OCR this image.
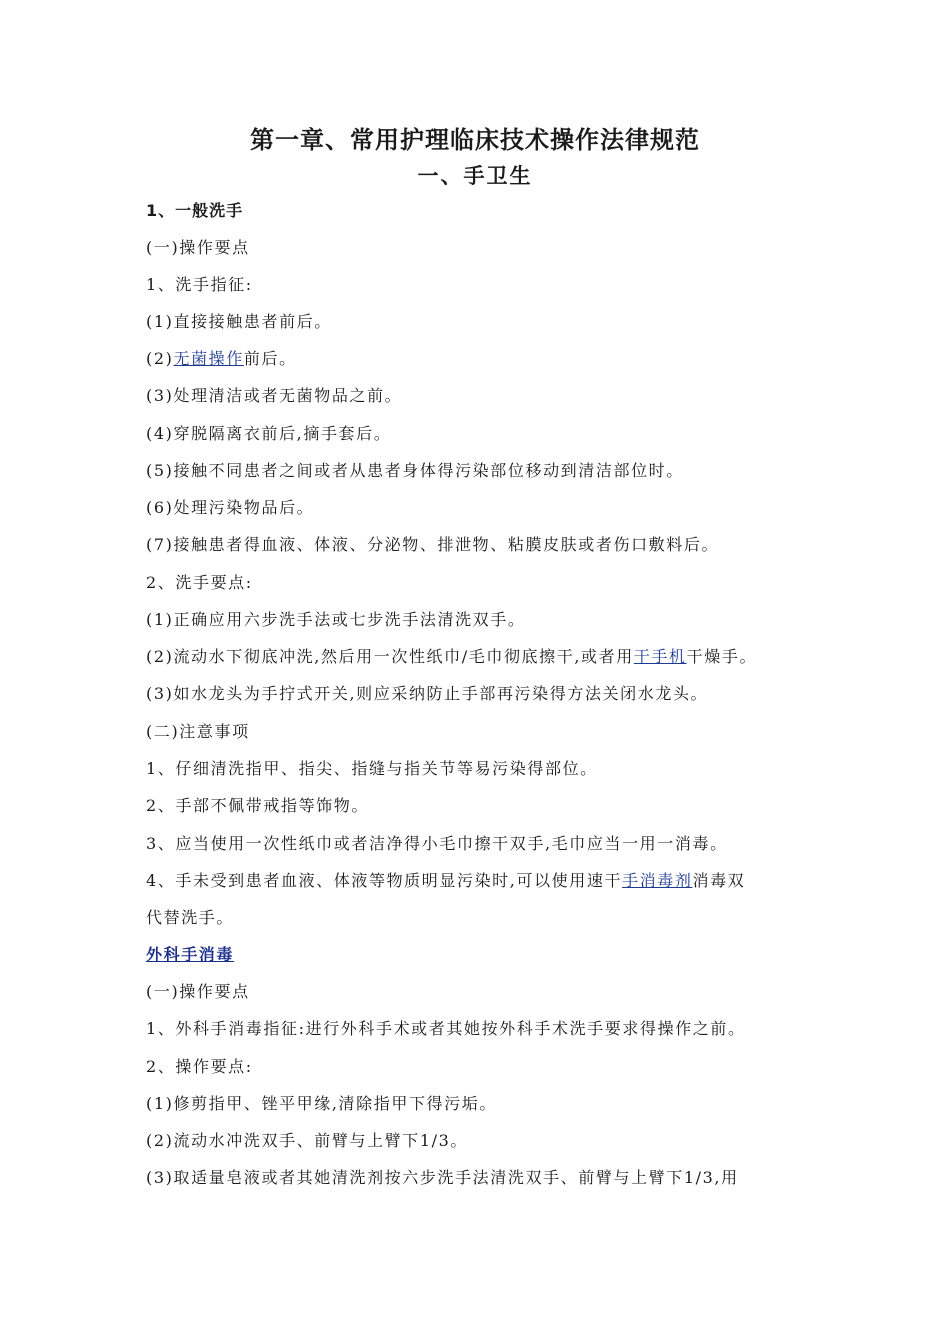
第一章、常用护理临床技术操作法律规范
一、手卫生
1、一般洗手
(一)操作要点
1、洗手指征:
(1)直接接触患者前后。
(2)无菌操作前后。
(3)处理清洁或者无菌物品之前。
(4)穿脱隔离衣前后,摘手套后。
(5)接触不同患者之间或者从患者身体得污染部位移动到清洁部位时。
(6)处理污染物品后。
(7)接触患者得血液、体液、分泌物、排泄物、粘膜皮肤或者伤口敷料后。
2、洗手要点:
(1)正确应用六步洗手法或七步洗手法清洗双手。
(2)流动水下彻底冲洗,然后用一次性纸巾/毛巾彻底擦干,或者用干手机干燥手。
(3)如水龙头为手拧式开关,则应采纳防止手部再污染得方法关闭水龙头。
(二)注意事项
1、仔细清洗指甲、指尖、指缝与指关节等易污染得部位。
2、手部不佩带戒指等饰物。
3、应当使用一次性纸巾或者洁净得小毛巾擦干双手,毛巾应当一用一消毒。
4、手未受到患者血液、体液等物质明显污染时,可以使用速干手消毒剂消毒双
代替洗手。
外科手消毒
(一)操作要点
1、外科手消毒指征:进行外科手术或者其她按外科手术洗手要求得操作之前。
2、操作要点:
(1)修剪指甲、锉平甲缘,清除指甲下得污垢。
(2)流动水冲洗双手、前臂与上臂下1/3。
(3)取适量皂液或者其她清洗剂按六步洗手法清洗双手、前臂与上臂下1/3,用
